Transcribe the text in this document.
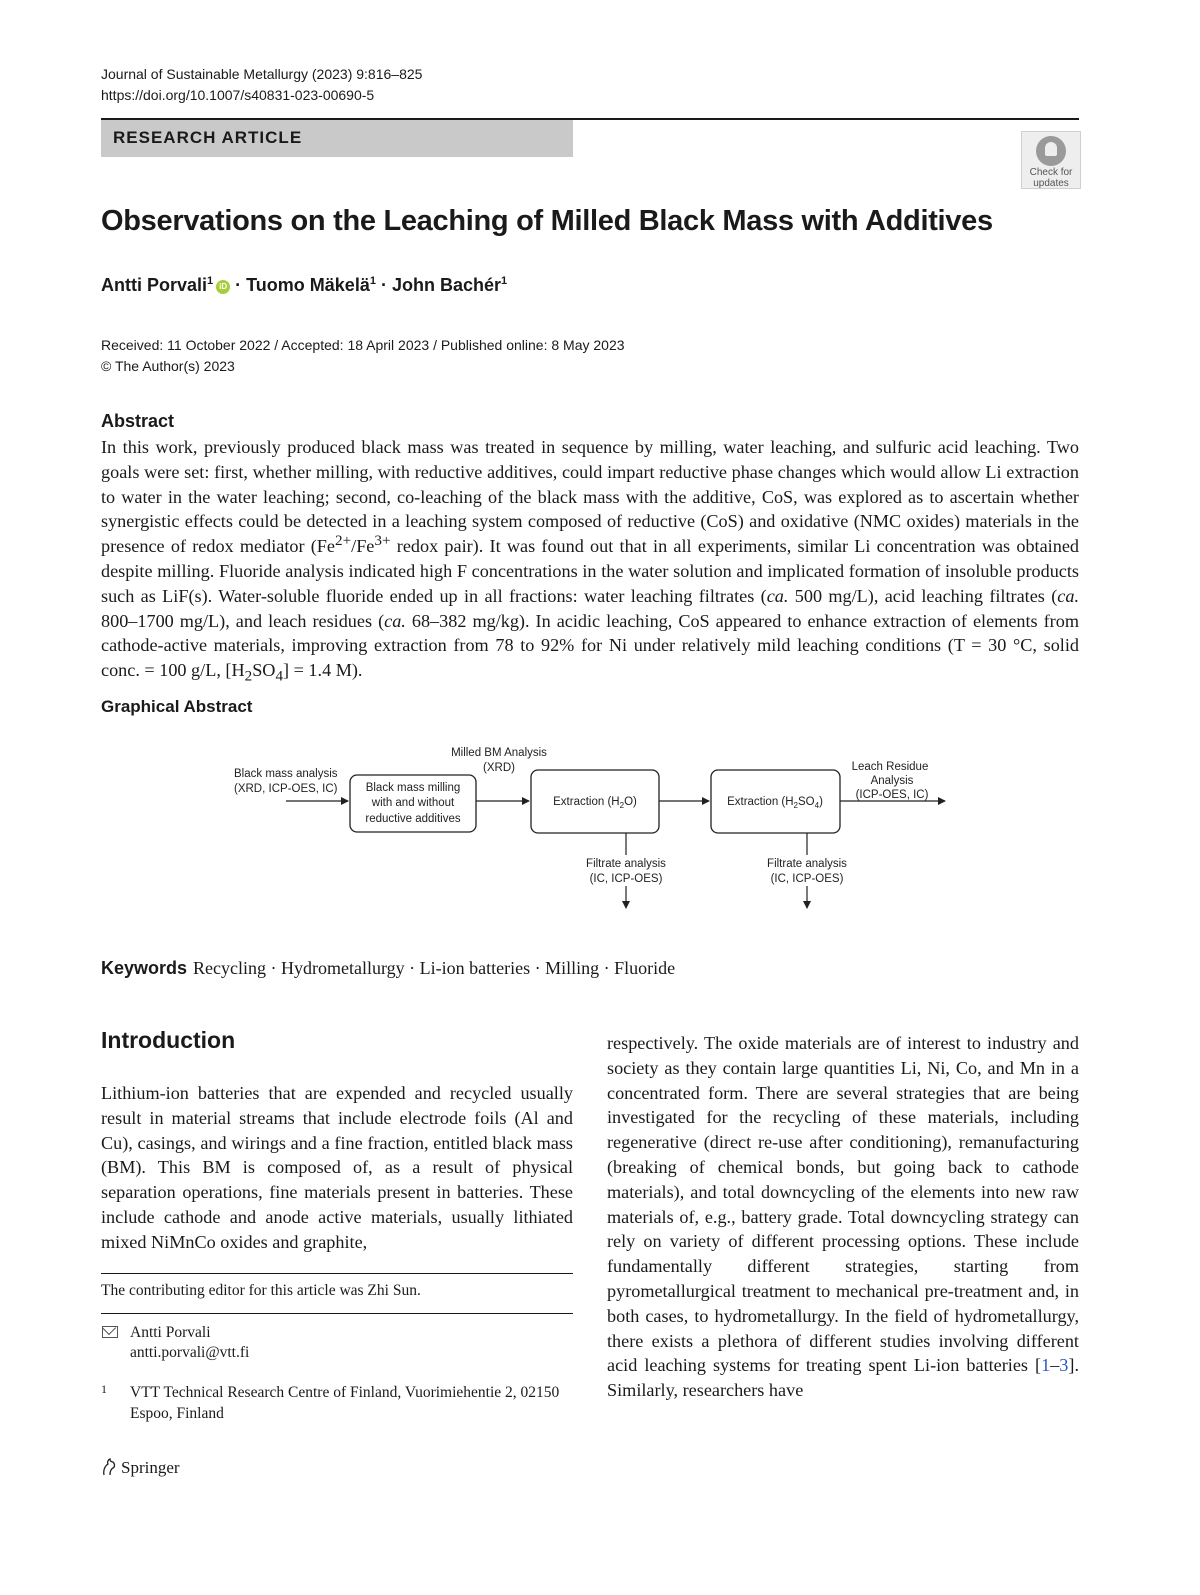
Journal of Sustainable Metallurgy (2023) 9:816–825
https://doi.org/10.1007/s40831-023-00690-5
RESEARCH ARTICLE
Check for updates
Observations on the Leaching of Milled Black Mass with Additives
Antti Porvali$^1$ iD · Tuomo Mäkelä$^1$ · John Bachér$^1$
Received: 11 October 2022 / Accepted: 18 April 2023 / Published online: 8 May 2023
© The Author(s) 2023
Abstract
In this work, previously produced black mass was treated in sequence by milling, water leaching, and sulfuric acid leaching. Two goals were set: first, whether milling, with reductive additives, could impart reductive phase changes which would allow Li extraction to water in the water leaching; second, co-leaching of the black mass with the additive, CoS, was explored as to ascertain whether synergistic effects could be detected in a leaching system composed of reductive (CoS) and oxidative (NMC oxides) materials in the presence of redox mediator ($Fe^{2+}/Fe^{3+}$ redox pair). It was found out that in all experiments, similar Li concentration was obtained despite milling. Fluoride analysis indicated high F concentrations in the water solution and implicated formation of insoluble products such as LiF(s). Water-soluble fluoride ended up in all fractions: water leaching filtrates (ca. 500 mg/L), acid leaching filtrates (ca. 800–1700 mg/L), and leach residues (ca. 68–382 mg/kg). In acidic leaching, CoS appeared to enhance extraction of elements from cathode-active materials, improving extraction from 78 to 92% for Ni under relatively mild leaching conditions (T = 30 °C, solid conc. = 100 g/L, $[H_2SO_4] = 1.4$ M).
Graphical Abstract
Black mass analysis
(XRD, ICP-OES, IC) Black mass milling
with and without
reductive additives
Milled BM Analysis
(XRD)
Extraction $(H_2O)$	Extraction $(H_2SO_4)$
Leach Residue
Analysis
(ICP-OES, IC)
Filtrate analysis
(IC, ICP-OES)
Filtrate analysis
(IC, ICP-OES)
Keywords Recycling · Hydrometallurgy · Li-ion batteries · Milling · Fluoride
Introduction
Lithium-ion batteries that are expended and recycled usually result in material streams that include electrode foils (Al and Cu), casings, and wirings and a fine fraction, entitled black mass (BM). This BM is composed of, as a result of physical separation operations, fine materials present in batteries. These include cathode and anode active materials, usually lithiated mixed NiMnCo oxides and graphite,
respectively. The oxide materials are of interest to industry and society as they contain large quantities Li, Ni, Co, and Mn in a concentrated form. There are several strategies that are being investigated for the recycling of these materials, including regenerative (direct re-use after conditioning), remanufacturing (breaking of chemical bonds, but going back to cathode materials), and total downcycling of the elements into new raw materials of, e.g., battery grade. Total downcycling strategy can rely on variety of different processing options. These include fundamentally different strategies, starting from pyrometallurgical treatment to mechanical pre-treatment and, in both cases, to hydrometallurgy. In the field of hydrometallurgy, there exists a plethora of different studies involving different acid leaching systems for treating spent Li-ion batteries [1–3]. Similarly, researchers have
The contributing editor for this article was Zhi Sun.
Antti Porvali
antti.porvali@vtt.fi
1 VTT Technical Research Centre of Finland, Vuorimiehentie 2, 02150 Espoo, Finland
Springer
